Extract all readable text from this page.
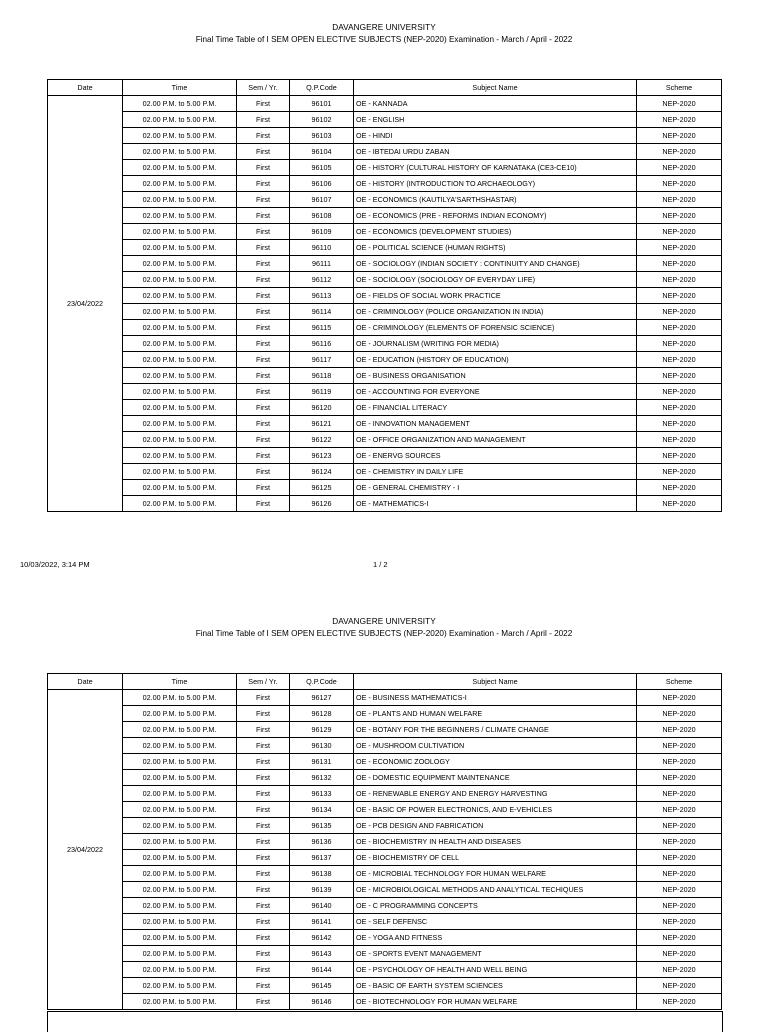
DAVANGERE UNIVERSITY
Final Time Table of I SEM OPEN ELECTIVE SUBJECTS (NEP-2020) Examination - March / April - 2022
Date	Time	Sem / Yr.	Q.P.Code	Subject Name	Scheme
23/04/2022	02.00 P.M. to 5.00 P.M.	First	96101	OE - KANNADA	NEP-2020
	02.00 P.M. to 5.00 P.M.	First	96102	OE - ENGLISH	NEP-2020
	02.00 P.M. to 5.00 P.M.	First	96103	OE - HINDI	NEP-2020
	02.00 P.M. to 5.00 P.M.	First	96104	OE - IBTEDAI URDU ZABAN	NEP-2020
	02.00 P.M. to 5.00 P.M.	First	96105	OE - HISTORY (CULTURAL HISTORY OF KARNATAKA (CE3-CE10)	NEP-2020
	02.00 P.M. to 5.00 P.M.	First	96106	OE - HISTORY (INTRODUCTION TO ARCHAEOLOGY)	NEP-2020
	02.00 P.M. to 5.00 P.M.	First	96107	OE - ECONOMICS (KAUTILYA'SARTHSHASTAR)	NEP-2020
	02.00 P.M. to 5.00 P.M.	First	96108	OE - ECONOMICS (PRE - REFORMS INDIAN ECONOMY)	NEP-2020
	02.00 P.M. to 5.00 P.M.	First	96109	OE - ECONOMICS (DEVELOPMENT STUDIES)	NEP-2020
	02.00 P.M. to 5.00 P.M.	First	96110	OE - POLITICAL SCIENCE (HUMAN RIGHTS)	NEP-2020
	02.00 P.M. to 5.00 P.M.	First	96111	OE - SOCIOLOGY (INDIAN SOCIETY : CONTINUITY AND CHANGE)	NEP-2020
	02.00 P.M. to 5.00 P.M.	First	96112	OE - SOCIOLOGY (SOCIOLOGY OF EVERYDAY LIFE)	NEP-2020
	02.00 P.M. to 5.00 P.M.	First	96113	OE - FIELDS OF SOCIAL WORK PRACTICE	NEP-2020
	02.00 P.M. to 5.00 P.M.	First	96114	OE - CRIMINOLOGY (POLICE ORGANIZATION IN INDIA)	NEP-2020
	02.00 P.M. to 5.00 P.M.	First	96115	OE - CRIMINOLOGY (ELEMENTS OF FORENSIC SCIENCE)	NEP-2020
	02.00 P.M. to 5.00 P.M.	First	96116	OE - JOURNALISM (WRITING FOR MEDIA)	NEP-2020
	02.00 P.M. to 5.00 P.M.	First	96117	OE - EDUCATION (HISTORY OF EDUCATION)	NEP-2020
	02.00 P.M. to 5.00 P.M.	First	96118	OE - BUSINESS ORGANISATION	NEP-2020
	02.00 P.M. to 5.00 P.M.	First	96119	OE - ACCOUNTING FOR EVERYONE	NEP-2020
	02.00 P.M. to 5.00 P.M.	First	96120	OE - FINANCIAL LITERACY	NEP-2020
	02.00 P.M. to 5.00 P.M.	First	96121	OE - INNOVATION MANAGEMENT	NEP-2020
	02.00 P.M. to 5.00 P.M.	First	96122	OE - OFFICE ORGANIZATION AND MANAGEMENT	NEP-2020
	02.00 P.M. to 5.00 P.M.	First	96123	OE - ENERVG SOURCES	NEP-2020
	02.00 P.M. to 5.00 P.M.	First	96124	OE - CHEMISTRY IN DAILY LIFE	NEP-2020
	02.00 P.M. to 5.00 P.M.	First	96125	OE - GENERAL CHEMISTRY - I	NEP-2020
	02.00 P.M. to 5.00 P.M.	First	96126	OE - MATHEMATICS-I	NEP-2020
10/03/2022, 3:14 PM	1 / 2
DAVANGERE UNIVERSITY
Final Time Table of I SEM OPEN ELECTIVE SUBJECTS (NEP-2020) Examination - March / April - 2022
Date	Time	Sem / Yr.	Q.P.Code	Subject Name	Scheme
23/04/2022	02.00 P.M. to 5.00 P.M.	First	96127	OE - BUSINESS MATHEMATICS-I	NEP-2020
	02.00 P.M. to 5.00 P.M.	First	96128	OE - PLANTS AND HUMAN WELFARE	NEP-2020
	02.00 P.M. to 5.00 P.M.	First	96129	OE - BOTANY FOR THE BEGINNERS / CLIMATE CHANGE	NEP-2020
	02.00 P.M. to 5.00 P.M.	First	96130	OE - MUSHROOM CULTIVATION	NEP-2020
	02.00 P.M. to 5.00 P.M.	First	96131	OE - ECONOMIC ZOOLOGY	NEP-2020
	02.00 P.M. to 5.00 P.M.	First	96132	OE - DOMESTIC EQUIPMENT MAINTENANCE	NEP-2020
	02.00 P.M. to 5.00 P.M.	First	96133	OE - RENEWABLE ENERGY AND ENERGY HARVESTING	NEP-2020
	02.00 P.M. to 5.00 P.M.	First	96134	OE - BASIC OF POWER ELECTRONICS, AND E-VEHICLES	NEP-2020
	02.00 P.M. to 5.00 P.M.	First	96135	OE - PCB DESIGN AND FABRICATION	NEP-2020
	02.00 P.M. to 5.00 P.M.	First	96136	OE - BIOCHEMISTRY IN HEALTH AND DISEASES	NEP-2020
	02.00 P.M. to 5.00 P.M.	First	96137	OE - BIOCHEMISTRY OF CELL	NEP-2020
	02.00 P.M. to 5.00 P.M.	First	96138	OE - MICROBIAL TECHNOLOGY FOR HUMAN WELFARE	NEP-2020
	02.00 P.M. to 5.00 P.M.	First	96139	OE - MICROBIOLOGICAL METHODS AND ANALYTICAL TECHIQUES	NEP-2020
	02.00 P.M. to 5.00 P.M.	First	96140	OE - C PROGRAMMING CONCEPTS	NEP-2020
	02.00 P.M. to 5.00 P.M.	First	96141	OE - SELF DEFENSC	NEP-2020
	02.00 P.M. to 5.00 P.M.	First	96142	OE - YOGA AND FITNESS	NEP-2020
	02.00 P.M. to 5.00 P.M.	First	96143	OE - SPORTS EVENT MANAGEMENT	NEP-2020
	02.00 P.M. to 5.00 P.M.	First	96144	OE - PSYCHOLOGY OF HEALTH AND WELL BEING	NEP-2020
	02.00 P.M. to 5.00 P.M.	First	96145	OE - BASIC OF EARTH SYSTEM SCIENCES	NEP-2020
	02.00 P.M. to 5.00 P.M.	First	96146	OE - BIOTECHNOLOGY FOR HUMAN WELFARE	NEP-2020
